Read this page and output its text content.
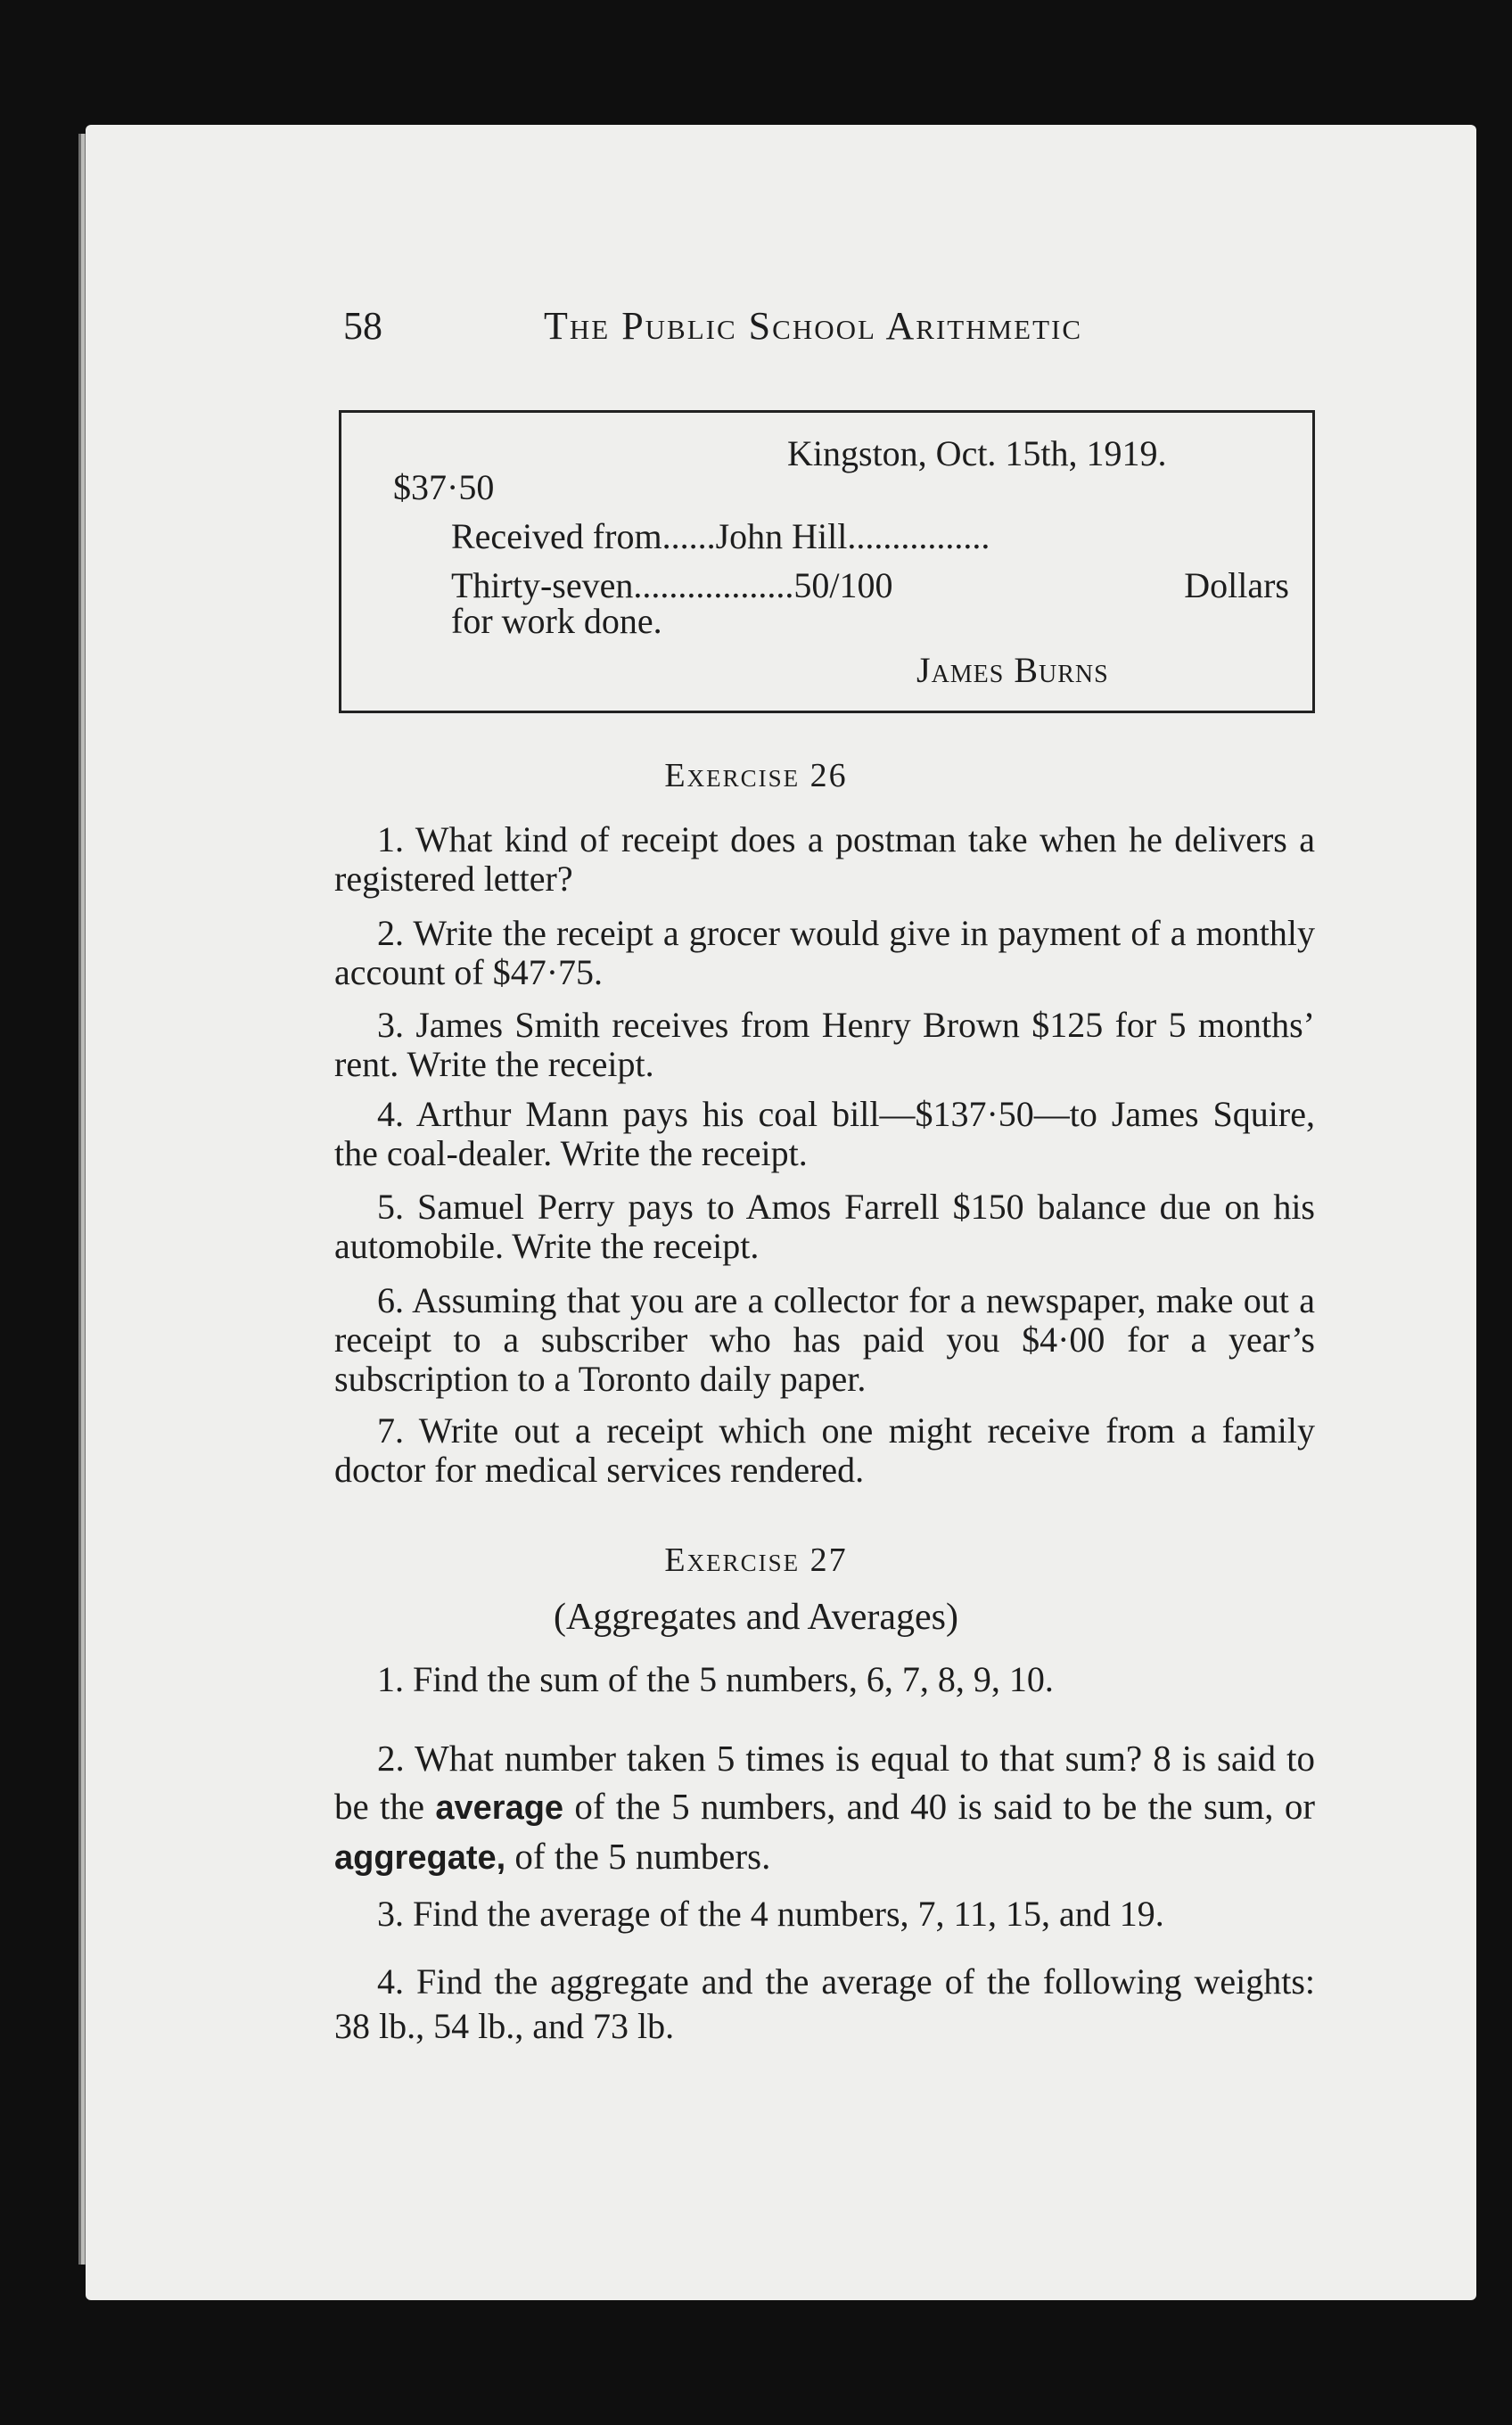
58	The Public School Arithmetic
Kingston, Oct. 15th, 1919.
$37·50
Received from......John Hill................
Thirty-seven..................50/100	Dollars
for work done.
James Burns
Exercise 26
1. What kind of receipt does a postman take when he delivers a registered letter?
2. Write the receipt a grocer would give in payment of a monthly account of $47·75.
3. James Smith receives from Henry Brown $125 for 5 months’ rent. Write the receipt.
4. Arthur Mann pays his coal bill—$137·50—to James Squire, the coal-dealer. Write the receipt.
5. Samuel Perry pays to Amos Farrell $150 balance due on his automobile. Write the receipt.
6. Assuming that you are a collector for a newspaper, make out a receipt to a subscriber who has paid you $4·00 for a year’s subscription to a Toronto daily paper.
7. Write out a receipt which one might receive from a family doctor for medical services rendered.
Exercise 27
(Aggregates and Averages)
1. Find the sum of the 5 numbers, 6, 7, 8, 9, 10.
2. What number taken 5 times is equal to that sum? 8 is said to be the average of the 5 numbers, and 40 is said to be the sum, or aggregate, of the 5 numbers.
3. Find the average of the 4 numbers, 7, 11, 15, and 19.
4. Find the aggregate and the average of the following weights: 38 lb., 54 lb., and 73 lb.
